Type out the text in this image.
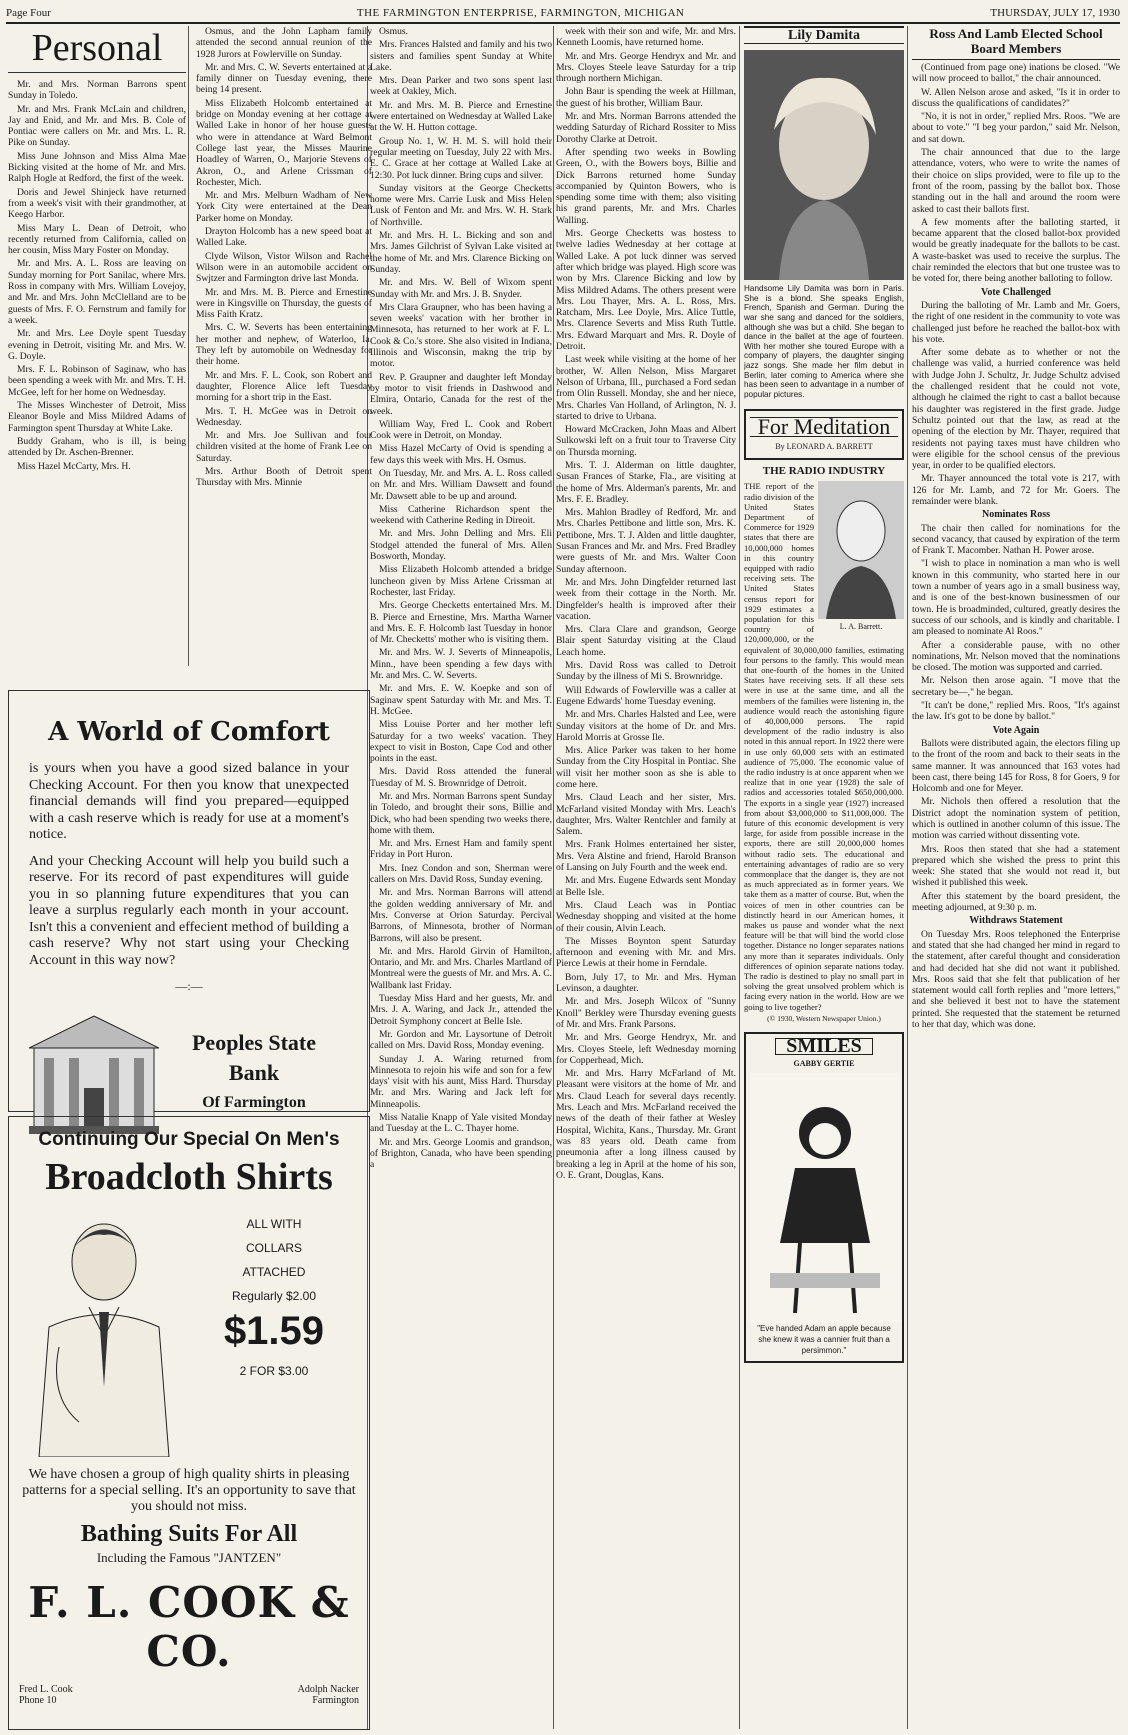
Page Four	THE FARMINGTON ENTERPRISE, FARMINGTON, MICHIGAN	THURSDAY, JULY 17, 1930
Personal

Mr. and Mrs. Norman Barrons spent Sunday in Toledo.

Mr. and Mrs. Frank McLain and children, Jay and Enid, and Mr. and Mrs. B. Cole of Pontiac were callers on Mr. and Mrs. L. R. Pike on Sunday.

Miss June Johnson and Miss Alma Mae Bicking visited at the home of Mr. and Mrs. Ralph Hogle at Redford, the first of the week.

Doris and Jewel Shinjeck have returned from a week's visit with their grandmother, at Keego Harbor.

Miss Mary L. Dean of Detroit, who recently returned from California, called on her cousin, Miss Mary Foster on Monday.

Mr. and Mrs. A. L. Ross are leaving on Sunday morning for Port Sanilac, where Mrs. Ross in company with Mrs. William Lovejoy, and Mr. and Mrs. John McClelland are to be guests of Mrs. F. O. Fernstrum and family for a week.

Mr. and Mrs. Lee Doyle spent Tuesday evening in Detroit, visiting Mr. and Mrs. W. G. Doyle.

Mrs. F. L. Robinson of Saginaw, who has been spending a week with Mr. and Mrs. T. H. McGee, left for her home on Wednesday.

The Misses Winchester of Detroit, Miss Eleanor Boyle and Miss Mildred Adams of Farmington spent Thursday at White Lake.

Buddy Graham, who is ill, is being attended by Dr. Aschen-Brenner.

Miss Hazel McCarty, Mrs. H.

Osmus, and the John Lapham family attended the second annual reunion of the 1928 Jurors at Fowlerville on Sunday.

Mr. and Mrs. C. W. Severts entertained at a family dinner on Tuesday evening, there being 14 present.

Miss Elizabeth Holcomb entertained at bridge on Monday evening at her cottage at Walled Lake in honor of her house guests who were in attendance at Ward Belmont College last year, the Misses Maurine Hoadley of Warren, O., Marjorie Stevens of Akron, O., and Arlene Crissman of Rochester, Mich.

Mr. and Mrs. Melburn Wadham of New York City were entertained at the Dean Parker home on Monday.

Drayton Holcomb has a new speed boat at Walled Lake.

Clyde Wilson, Vistor Wilson and Rachel Wilson were in an automobile accident on Swjtzer and Farmington drive last Monda.

Mr. and Mrs. M. B. Pierce and Ernestine were in Kingsville on Thursday, the guests of Miss Faith Kratz.

Mrs. C. W. Severts has been entertaining her mother and nephew, of Waterloo, Ia. They left by automobile on Wednesday for their home.

Mr. and Mrs. F. L. Cook, son Robert and daughter, Florence Alice left Tuesday morning for a short trip in the East.

Mrs. T. H. McGee was in Detroit on Wednesday.

Mr. and Mrs. Joe Sullivan and four children visited at the home of Frank Lee on Saturday.

Mrs. Arthur Booth of Detroit spent Thursday with Mrs. Minnie

A World of Comfort

is yours when you have a good sized balance in your Checking Account. For then you know that unexpected financial demands will find you prepared—equipped with a cash reserve which is ready for use at a moment's notice.

And your Checking Account will help you build such a reserve. For its record of past expenditures will guide you in so planning future expenditures that you can leave a surplus regularly each month in your account. Isn't this a convenient and effecient method of building a cash reserve? Why not start using your Checking Account in this way now?

—:—
Peoples State
Bank
Of Farmington
Continuing Our Special On Men's
Broadcloth Shirts
ALL WITH
COLLARS
ATTACHED
Regularly $2.00
$1.59
2 FOR $3.00
We have chosen a group of high quality shirts in pleasing patterns for a special selling. It's an opportunity to save that you should not miss.
Bathing Suits For All
Including the Famous "JANTZEN"
F. L. COOK & CO.
Fred L. Cook
Phone 10
Adolph Nacker
Farmington

Osmus.

Mrs. Frances Halsted and family and his two sisters and families spent Sunday at White Lake.

Mrs. Dean Parker and two sons spent last week at Oakley, Mich.

Mr. and Mrs. M. B. Pierce and Ernestine were entertained on Wednesday at Walled Lake at the W. H. Hutton cottage.

Group No. 1, W. H. M. S. will hold their regular meeting on Tuesday, July 22 with Mrs. E. C. Grace at her cottage at Walled Lake at 12:30. Pot luck dinner. Bring cups and silver.

Sunday visitors at the George Checketts home were Mrs. Carrie Lusk and Miss Helen Lusk of Fenton and Mr. and Mrs. W. H. Stark of Northville.

Mr. and Mrs. H. L. Bicking and son and Mrs. James Gilchrist of Sylvan Lake visited at the home of Mr. and Mrs. Clarence Bicking on Sunday.

Mr. and Mrs. W. Bell of Wixom spent Sunday with Mr. and Mrs. J. B. Snyder.

Mrs Clara Graupner, who has been having a seven weeks' vacation with her brother in Minnesota, has returned to her work at F. L. Cook & Co.'s store. She also visited in Indiana, Illinois and Wisconsin, makng the trip by motor.

Rev. P. Graupner and daughter left Monday by motor to visit friends in Dashwood and Elmira, Ontario, Canada for the rest of the week.

William Way, Fred L. Cook and Robert Cook were in Detroit, on Monday.

Miss Hazel McCarty of Ovid is spending a few days this week with Mrs. H. Osmus.

On Tuesday, Mr. and Mrs. A. L. Ross called on Mr. and Mrs. William Dawsett and found Mr. Dawsett able to be up and around.

Miss Catherine Richardson spent the weekend with Catherine Reding in Direoit.

Mr. and Mrs. John Delling and Mrs. Eli Stodgel attended the funeral of Mrs. Allen Bosworth, Monday.

Miss Elizabeth Holcomb attended a bridge luncheon given by Miss Arlene Crissman at Rochester, last Friday.

Mrs. George Checketts entertained Mrs. M. B. Pierce and Ernestine, Mrs. Martha Warner and Mrs. E. F. Holcomb last Tuesday in honor of Mr. Checketts' mother who is visiting them.

Mr. and Mrs. W. J. Severts of Minneapolis, Minn., have been spending a few days with Mr. and Mrs. C. W. Severts.

Mr. and Mrs. E. W. Koepke and son of Saginaw spent Saturday with Mr. and Mrs. T. H. McGee.

Miss Louise Porter and her mother left Saturday for a two weeks' vacation. They expect to visit in Boston, Cape Cod and other points in the east.

Mrs. David Ross attended the funeral Tuesday of M. S. Brownridge of Detroit.

Mr. and Mrs. Norman Barrons spent Sunday in Toledo, and brought their sons, Billie and Dick, who had been spending two weeks there, home with them.

Mr. and Mrs. Ernest Ham and family spent Friday in Port Huron.

Mrs. Inez Condon and son, Sherman were callers on Mrs. David Ross, Sunday evening.

Mr. and Mrs. Norman Barrons will attend the golden wedding anniversary of Mr. and Mrs. Converse at Orion Saturday. Percival Barrons, of Minnesota, brother of Norman Barrons, will also be present.

Mr. and Mrs. Harold Girvin of Hamilton, Ontario, and Mr. and Mrs. Charles Martland of Montreal were the guests of Mr. and Mrs. A. C. Wallbank last Friday.

Tuesday Miss Hard and her guests, Mr. and Mrs. J. A. Waring, and Jack Jr., attended the Detroit Symphony concert at Belle Isle.

Mr. Gordon and Mr. Laysortune of Detroit called on Mrs. David Ross, Monday evening.

Sunday J. A. Waring returned from Minnesota to rejoin his wife and son for a few days' visit with his aunt, Miss Hard. Thursday Mr. and Mrs. Waring and Jack left for Minneapolis.

Miss Natalie Knapp of Yale visited Monday and Tuesday at the L. C. Thayer home.

Mr. and Mrs. George Loomis and grandson, of Brighton, Canada, who have been spending a

week with their son and wife, Mr. and Mrs. Kenneth Loomis, have returned home.

Mr. and Mrs. George Hendryx and Mr. and Mrs. Cloyes Steele leave Saturday for a trip through northern Michigan.

John Baur is spending the week at Hillman, the guest of his brother, William Baur.

Mr. and Mrs. Norman Barrons attended the wedding Saturday of Richard Rossiter to Miss Dorothy Clarke at Detroit.

After spending two weeks in Bowling Green, O., with the Bowers boys, Billie and Dick Barrons returned home Sunday accompanied by Quinton Bowers, who is spending some time with them; also visiting his grand parents, Mr. and Mrs. Charles Walling.

Mrs. George Checketts was hostess to twelve ladies Wednesday at her cottage at Walled Lake. A pot luck dinner was served after which bridge was played. High score was won by Mrs. Clarence Bicking and low by Miss Mildred Adams. The others present were Mrs. Lou Thayer, Mrs. A. L. Ross, Mrs. Ratcham, Mrs. Lee Doyle, Mrs. Alice Tuttle, Mrs. Clarence Severts and Miss Ruth Tuttle. Mrs. Edward Marquart and Mrs. R. Doyle of Detroit.

Last week while visiting at the home of her brother, W. Allen Nelson, Miss Margaret Nelson of Urbana, Ill., purchased a Ford sedan from Olin Russell. Monday, she and her niece, Mrs. Charles Van Holland, of Arlington, N. J. started to drive to Urbana.

Howard McCracken, John Maas and Albert Sulkowski left on a fruit tour to Traverse City on Thursda morning.

Mrs. T. J. Alderman on little daughter, Susan Frances of Starke, Fla., are visiting at the home of Mrs. Alderman's parents, Mr. and Mrs. F. E. Bradley.

Mrs. Mahlon Bradley of Redford, Mr. and Mrs. Charles Pettibone and little son, Mrs. K. Pettibone, Mrs. T. J. Alden and little daughter, Susan Frances and Mr. and Mrs. Fred Bradley were guests of Mr. and Mrs. Walter Coon Sunday afternoon.

Mr. and Mrs. John Dingfelder returned last week from their cottage in the North. Mr. Dingfelder's health is improved after their vacation.

Mrs. Clara Clare and grandson, George Blair spent Saturday visiting at the Claud Leach home.

Mrs. David Ross was called to Detroit Sunday by the illness of Mi S. Brownridge.

Will Edwards of Fowlerville was a caller at Eugene Edwards' home Tuesday evening.

Mr. and Mrs. Charles Halsted and Lee, were Sunday visitors at the home of Dr. and Mrs. Harold Morris at Grosse Ile.

Mrs. Alice Parker was taken to her home Sunday from the City Hospital in Pontiac. She will visit her mother soon as she is able to come here.

Mrs. Claud Leach and her sister, Mrs. McFarland visited Monday with Mrs. Leach's daughter, Mrs. Walter Rentchler and family at Salem.

Mrs. Frank Holmes entertained her sister, Mrs. Vera Alstine and friend, Harold Branson of Lansing on July Fourth and the week end.

Mr. and Mrs. Eugene Edwards sent Monday at Belle Isle.

Mrs. Claud Leach was in Pontiac Wednesday shopping and visited at the home of their cousin, Alvin Leach.

The Misses Boynton spent Saturday afternoon and evening with Mr. and Mrs. Pierce Lewis at their home in Ferndale.

Born, July 17, to Mr. and Mrs. Hyman Levinson, a daughter.

Mr. and Mrs. Joseph Wilcox of "Sunny Knoll" Berkley were Thursday evening guests of Mr. and Mrs. Frank Parsons.

Mr. and Mrs. George Hendryx, Mr. and Mrs. Cloyes Steele, left Wednesday morning for Copperhead, Mich.

Mr. and Mrs. Harry McFarland of Mt. Pleasant were visitors at the home of Mr. and Mrs. Claud Leach for several days recently. Mrs. Leach and Mrs. McFarland received the news of the death of their father at Wesley Hospital, Wichita, Kans., Thursday. Mr. Grant was 83 years old. Death came from pneumonia after a long illness caused by breaking a leg in April at the home of his son, O. E. Grant, Douglas, Kans.

Lily Damita
Handsome Lily Damita was born in Paris. She is a blond. She speaks English, French, Spanish and German. During the war she sang and danced for the soldiers, although she was but a child. She began to dance in the ballet at the age of fourteen. With her mother she toured Europe with a company of players, the daughter singing jazz songs. She made her film debut in Berlin, later coming to America where she has been seen to advantage in a number of popular pictures.
For Meditation
By LEONARD A. BARRETT
THE RADIO INDUSTRY
L. A. Barrett.
THE report of the radio division of the United States Department of Commerce for 1929 states that there are 10,000,000 homes in this country equipped with radio receiving sets. The United States census report for 1929 estimates a population for this country of 120,000,000, or the equivalent of 30,000,000 families, estimating four persons to the family. This would mean that one-fourth of the homes in the United States have receiving sets. If all these sets were in use at the same time, and all the members of the families were listening in, the audience would reach the astonishing figure of 40,000,000 persons. The rapid development of the radio industry is also noted in this annual report. In 1922 there were in use only 60,000 sets with an estimated audience of 75,000. The economic value of the radio industry is at once apparent when we realize that in one year (1928) the sale of radios and accessories totaled $650,000,000. The exports in a single year (1927) increased from about $3,000,000 to $11,000,000. The future of this economic development is very large, for aside from possible increase in the exports, there are still 20,000,000 homes without radio sets. The educational and entertaining advantages of radio are so very commonplace that the danger is, they are not as much appreciated as in former years. We take them as a matter of course. But, when the voices of men in other countries can be distinctly heard in our American homes, it makes us pause and wonder what the next feature will be that will bind the world close together. Distance no longer separates nations any more than it separates individuals. Only differences of opinion separate nations today. The radio is destined to play no small part in solving the great unsolved problem which is facing every nation in the world. How are we going to live together?
(© 1930, Western Newspaper Union.)
SMILES
GABBY GERTIE
"Eve handed Adam an apple because she knew it was a cannier fruit than a persimmon."
Ross And Lamb Elected School Board Members

(Continued from page one) inations be closed. "We will now proceed to ballot," the chair announced.

W. Allen Nelson arose and asked, "Is it in order to discuss the qualifications of candidates?"

"No, it is not in order," replied Mrs. Roos. "We are about to vote." "I beg your pardon," said Mr. Nelson, and sat down.

The chair announced that due to the large attendance, voters, who were to write the names of their choice on slips provided, were to file up to the front of the room, passing by the ballot box. Those standing out in the hall and around the room were asked to cast their ballots first.

A few moments after the balloting started, it became apparent that the closed ballot-box provided would be greatly inadequate for the ballots to be cast. A waste-basket was used to receive the surplus. The chair reminded the electors that but one trustee was to be voted for, there being another balloting to follow.

Vote Challenged

During the balloting of Mr. Lamb and Mr. Goers, the right of one resident in the community to vote was challenged just before he reached the ballot-box with his vote.

After some debate as to whether or not the challenge was valid, a hurried conference was held with Judge John J. Schultz, Jr. Judge Schultz advised the challenged resident that he could not vote, although he claimed the right to cast a ballot because his daughter was registered in the first grade. Judge Schultz pointed out that the law, as read at the opening of the election by Mr. Thayer, required that residents not paying taxes must have children who were eligible for the school census of the previous year, in order to be qualified electors.

Mr. Thayer announced the total vote is 217, with 126 for Mr. Lamb, and 72 for Mr. Goers. The remainder were blank.

Nominates Ross

The chair then called for nominations for the second vacancy, that caused by expiration of the term of Frank T. Macomber. Nathan H. Power arose.

"I wish to place in nomination a man who is well known in this community, who started here in our town a number of years ago in a small business way, and is one of the best-known businessmen of our town. He is broadminded, cultured, greatly desires the success of our schools, and is kindly and charitable. I am pleased to nominate Al Roos."

After a considerable pause, with no other nominations, Mr. Nelson moved that the nominations be closed. The motion was supported and carried.

Mr. Nelson then arose again. "I move that the secretary be—," he began.

"It can't be done," replied Mrs. Roos, "It's against the law. It's got to be done by ballot."

Vote Again

Ballots were distributed again, the electors filing up to the front of the room and back to their seats in the same manner. It was announced that 163 votes had been cast, there being 145 for Ross, 8 for Goers, 9 for Holcomb and one for Meyer.

Mr. Nichols then offered a resolution that the District adopt the nomination system of petition, which is outlined in another column of this issue. The motion was carried without dissenting vote.

Mrs. Roos then stated that she had a statement prepared which she wished the press to print this week: She stated that she would not read it, but wished it published this week.

After this statement by the board president, the meeting adjourned, at 9:30 p. m.

Withdraws Statement

On Tuesday Mrs. Roos telephoned the Enterprise and stated that she had changed her mind in regard to the statement, after careful thought and consideration and had decided hat she did not want it published. Mrs. Roos said that she felt that publication of her statement would call forth replies and "more letters," and she believed it best not to have the statement printed. She requested that the statement be returned to her that day, which was done.
